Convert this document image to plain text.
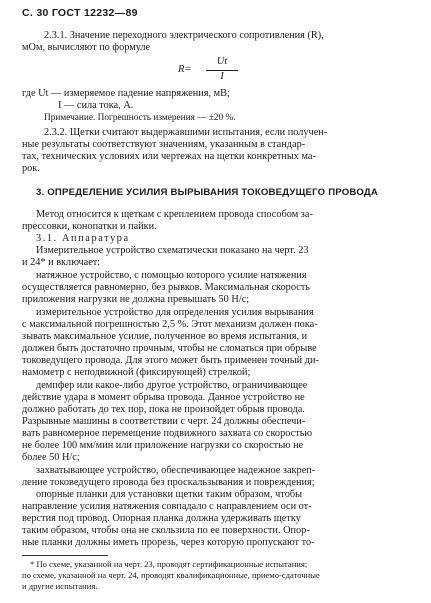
С. 30 ГОСТ 12232—89
2.3.1. Значение переходного электрического сопротивления (R),
мОм, вычисляют по формуле
R=
Ut
I
где Ut — измеряемое падение напряжения, мВ;
I — сила тока, А.
Примечание. Погрешность измерения — ±20 %.
2.3.2. Щетки считают выдержавшими испытания, если получен-
ные результаты соответствуют значениям, указанным в стандар-
тах, технических условиях или чертежах на щетки конкретных ма-
рок.
3. ОПРЕДЕЛЕНИЕ УСИЛИЯ ВЫРЫВАНИЯ ТОКОВЕДУЩЕГО ПРОВОДА
Метод относится к щеткам с креплением провода способом за-
прессовки, конопатки и пайки.
3.1. Аппаратура
Измерительное устройство схематически показано на черт. 23
и 24* и включает:
натяжное устройство, с помощью которого усилие натяжения
осуществляется равномерно, без рывков. Максимальная скорость
приложения нагрузки не должна превышать 50 Н/с;
измерительное устройство для определения усилия вырывания
с максимальной погрешностью 2,5 %. Этот механизм должен пока-
зывать максимальное усилие, полученное во время испытания, и
должен быть достаточно прочным, чтобы не сломаться при обрыве
токоведущего провода. Для этого может быть применен точный ди-
намометр с неподвижной (фиксирующей) стрелкой;
демпфер или какое-либо другое устройство, ограничивающее
действие удара в момент обрыва провода. Данное устройство не
должно работать до тех пор, пока не произойдет обрыв провода.
Разрывные машины в соответствии с черт. 24 должны обеспечи-
вать равномерное перемещение подвижного захвата со скоростью
не более 100 мм/мин или приложение нагрузки со скоростью не
более 50 Н/с;
захватывающее устройство, обеспечивающее надежное закреп-
ление токоведущего провода без проскальзывания и повреждения;
опорные планки для установки щетки таким образом, чтобы
направление усилия натяжения совпадало с направлением оси от-
верстия под провод. Опорная планка должна удерживать щетку
таким образом, чтобы она не скользила по ее поверхности. Опор-
ные планки должны иметь прорезь, через которую пропускают то-
* По схеме, указанной на черт. 23, проводят сертификационные испытания;
по схеме, указанной на черт. 24, проводят квалификационные, приемо-сдаточные
и другие испытания.
